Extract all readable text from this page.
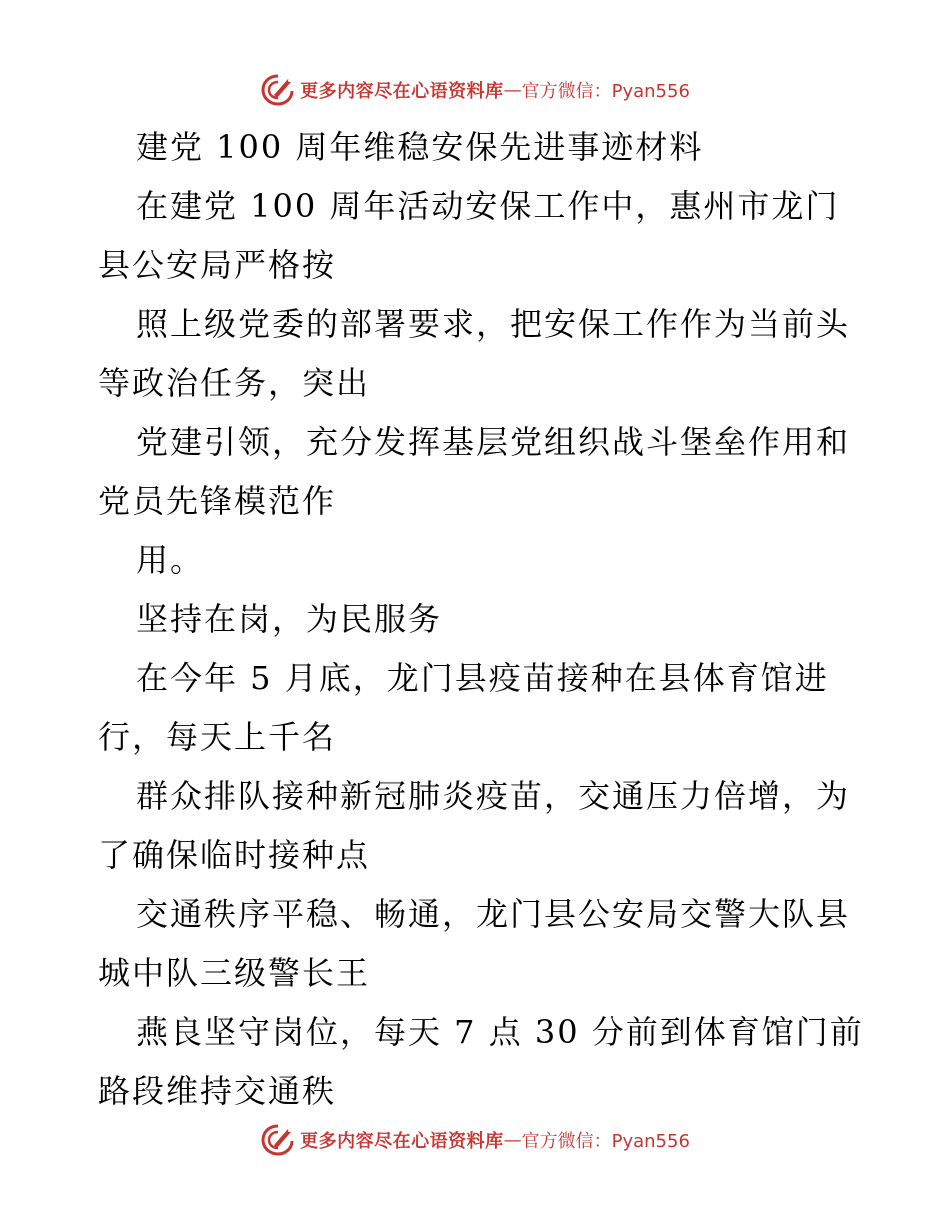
更多内容尽在心语资料库 — 官方微信：Pyan556
建党 100 周年维稳安保先进事迹材料
在建党 100 周年活动安保工作中，惠州市龙门
县公安局严格按
照上级党委的部署要求，把安保工作作为当前头
等政治任务，突出
党建引领，充分发挥基层党组织战斗堡垒作用和
党员先锋模范作
用。
坚持在岗，为民服务
在今年 5 月底，龙门县疫苗接种在县体育馆进
行，每天上千名
群众排队接种新冠肺炎疫苗，交通压力倍增，为
了确保临时接种点
交通秩序平稳、畅通，龙门县公安局交警大队县
城中队三级警长王
燕良坚守岗位，每天 7 点 30 分前到体育馆门前
路段维持交通秩
更多内容尽在心语资料库 — 官方微信：Pyan556
